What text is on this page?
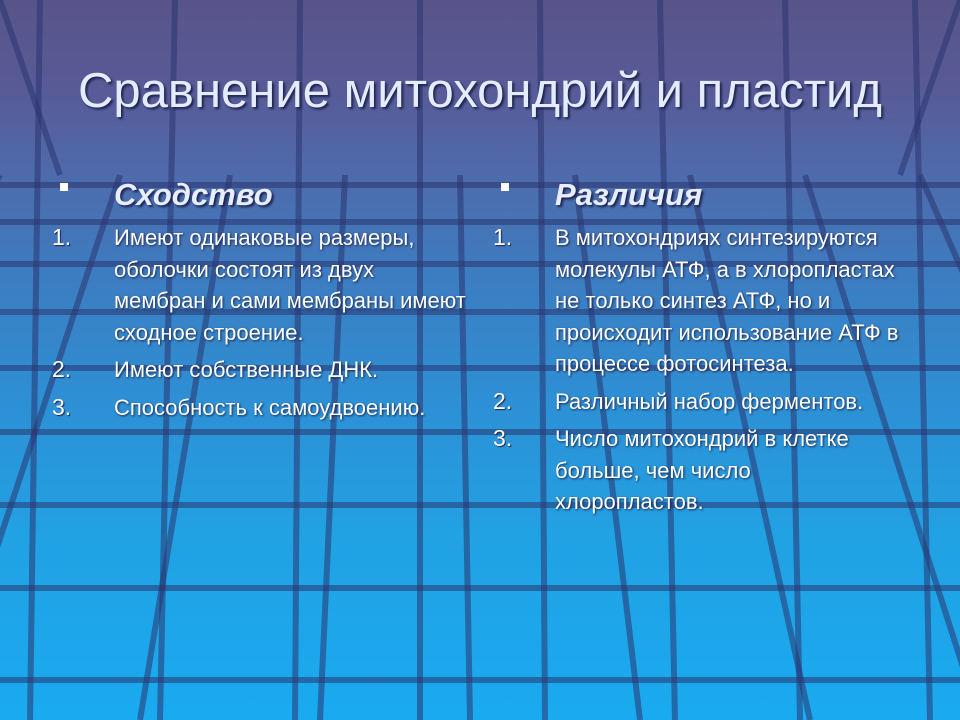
Сравнение митохондрий и пластид
Сходство
1. Имеют одинаковые размеры, оболочки состоят из двух мембран и сами мембраны имеют сходное строение.
2. Имеют собственные ДНК.
3. Способность к самоудвоению.
Различия
1. В митохондриях синтезируются молекулы АТФ, а в хлоропластах не только синтез АТФ, но и происходит использование АТФ в процессе фотосинтеза.
2. Различный набор ферментов.
3. Число митохондрий в клетке больше, чем число хлоропластов.
